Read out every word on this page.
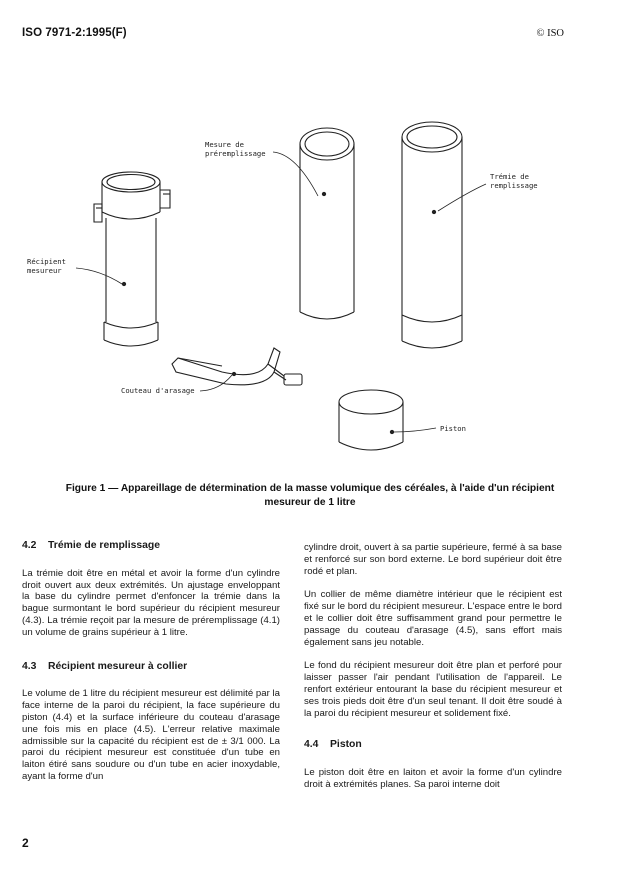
ISO 7971-2:1995(F)	© ISO
Mesure de
préremplissage
Trémie de
remplissage
Récipient
mesureur
Couteau d'arasage
Piston
Figure 1 — Appareillage de détermination de la masse volumique des céréales, à l'aide d'un récipient
mesureur de 1 litre
4.2 Trémie de remplissage

La trémie doit être en métal et avoir la forme d'un cylindre droit ouvert aux deux extrémités. Un ajustage enveloppant la base du cylindre permet d'enfoncer la trémie dans la bague surmontant le bord supérieur du récipient mesureur (4.3). La trémie reçoit par la mesure de préremplissage (4.1) un volume de grains supérieur à 1 litre.

4.3 Récipient mesureur à collier

Le volume de 1 litre du récipient mesureur est délimité par la face interne de la paroi du récipient, la face supérieure du piston (4.4) et la surface inférieure du couteau d'arasage une fois mis en place (4.5). L'erreur relative maximale admissible sur la capacité du récipient est de ± 3/1 000. La paroi du récipient mesureur est constituée d'un tube en laiton étiré sans soudure ou d'un tube en acier inoxydable, ayant la forme d'un

cylindre droit, ouvert à sa partie supérieure, fermé à sa base et renforcé sur son bord externe. Le bord supérieur doit être rodé et plan.

Un collier de même diamètre intérieur que le récipient est fixé sur le bord du récipient mesureur. L'espace entre le bord et le collier doit être suffisamment grand pour permettre le passage du couteau d'arasage (4.5), sans effort mais également sans jeu notable.

Le fond du récipient mesureur doit être plan et perforé pour laisser passer l'air pendant l'utilisation de l'appareil. Le renfort extérieur entourant la base du récipient mesureur et ses trois pieds doit être d'un seul tenant. Il doit être soudé à la paroi du récipient mesureur et solidement fixé.

4.4 Piston

Le piston doit être en laiton et avoir la forme d'un cylindre droit à extrémités planes. Sa paroi interne doit

2
